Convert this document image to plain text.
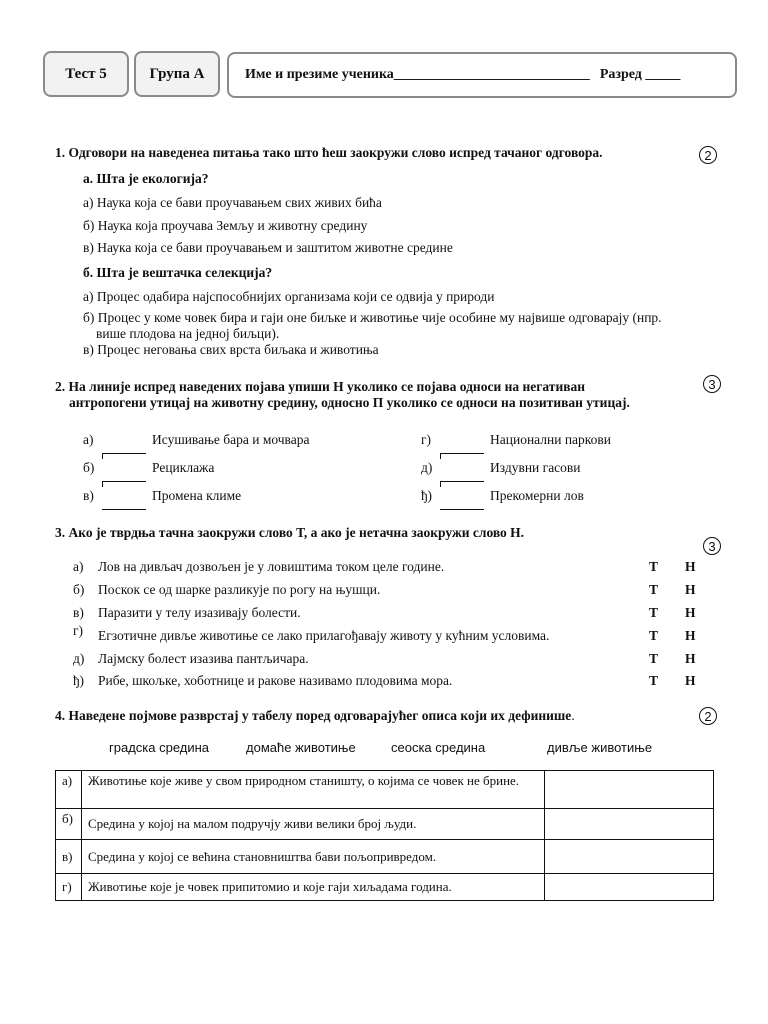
Тест 5	Група А	Име и презиме ученика____________________________ Разред _____
1. Одговори на наведенеа питања тако што ћеш заокружи слово испред тачаног одговора.	2
а. Шта је екологија?
а) Наука која се бави проучавањем свих живих бића
б) Наука која проучава Земљу и животну средину
в) Наука која се бави проучавањем и заштитом животне средине
б. Шта је вештачка селекција?
а) Процес одабира најспособнијих организама који се одвија у природи
б) Процес у коме човек бира и гаји оне биљке и животиње чије особине му највише одговарају (нпр.
више плодова на једној биљци).
в) Процес неговања свих врста биљака и животиња
2. На линије испред наведених појава упиши Н уколико се појава односи на негативан
антропогени утицај на животну средину, односно П уколико се односи на позитиван утицај.
3
а)	Исушивање бара и мочвара
б)	Рециклажа
в)	Промена климе
г)	Национални паркови
д)	Издувни гасови
ђ)	Прекомерни лов
3. Ако је тврдња тачна заокружи слово Т, а ако је нетачна заокружи слово Н.
3
а) Лов на дивљач дозвољен је у ловиштима током целе године.	Т Н
б) Поскок се од шарке разликује по рогу на њушци.	Т Н
в) Паразити у телу изазивају болести.	Т Н
г) Егзотичне дивље животиње се лако прилагођавају животу у кућним условима.	Т Н
д) Лајмску болест изазива пантљичара.	Т Н
ђ) Рибе, шкољке, хоботнице и ракове називамо плодовима мора.	Т Н
4. Наведене појмове разврстај у табелу поред одговарајућег описа који их дефинише.	2
градска средина	домаће животиње	сеоска средина	дивље животиње
а)	Животиње које живе у свом природном станишту, о којима се човек не брине.	
б)	Средина у којој на малом подручју живи велики број људи.	
в)	Средина у којој се већина становништва бави пољопривредом.	
г)	Животиње које је човек припитомио и које гаји хиљадама година.	
